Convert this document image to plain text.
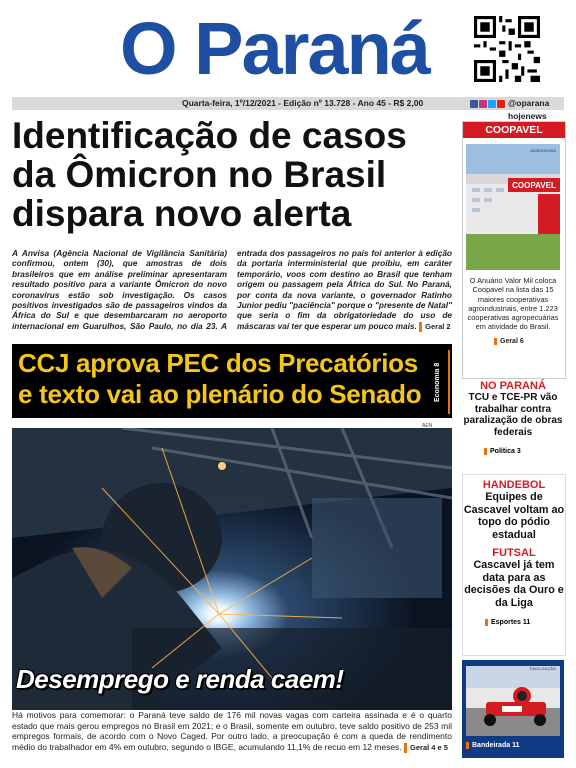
O Paraná
Quarta-feira, 1º/12/2021 - Edição nº 13.728 - Ano 45 - R$ 2,00	@oparana hojenews
Identificação de casos da Ômicron no Brasil dispara novo alerta
A Anvisa (Agência Nacional de Vigilância Sanitária) confirmou, ontem (30), que amostras de dois brasileiros que em análise preliminar apresentaram resultado positivo para a variante Ômicron do novo coronavírus estão sob investigação. Os casos positivos investigados são de passageiros vindos da África do Sul e que desembarcaram no aeroporto internacional em Guarulhos, São Paulo, no dia 23. A entrada dos passageiros no país foi anterior à edição da portaria interministerial que proibiu, em caráter temporário, voos com destino ao Brasil que tenham origem ou passagem pela África do Sul. No Paraná, por conta da nova variante, o governador Ratinho Junior pediu "paciência" porque o "presente de Natal" que seria o fim da obrigatoriedade do uso de máscaras vai ter que esperar um pouco mais. Geral 2
CCJ aprova PEC dos Precatórios e texto vai ao plenário do Senado	Economia 8
AEN
Desemprego e renda caem!
Há motivos para comemorar: o Paraná teve saldo de 176 mil novas vagas com carteira assinada e é o quarto estado que mais gerou empregos no Brasil em 2021; e o Brasil, somente em outubro, teve saldo positivo de 253 mil empregos formais, de acordo com o Novo Caged. Por outro lado, a preocupação é com a queda de rendimento médio do trabalhador em 4% em outubro, segundo o IBGE, acumulando 11,1% de recuo em 12 meses. Geral 4 e 5
COOPAVEL
COOPAVEL
ASSESSORIA
O Anuário Valor Mil coloca Coopavel na lista das 15 maiores cooperativas agroindustriais, entre 1.223 cooperativas agropecuárias em atividade do Brasil.
Geral 6
NO PARANÁ
TCU e TCE-PR vão trabalhar contra paralização de obras federais
Política 3
HANDEBOL
Equipes de Cascavel voltam ao topo do pódio estadual
FUTSAL
Cascavel já tem data para as decisões da Ouro e da Liga
Esportes 11
DIVULGAÇÃO
Bandeirada 11
